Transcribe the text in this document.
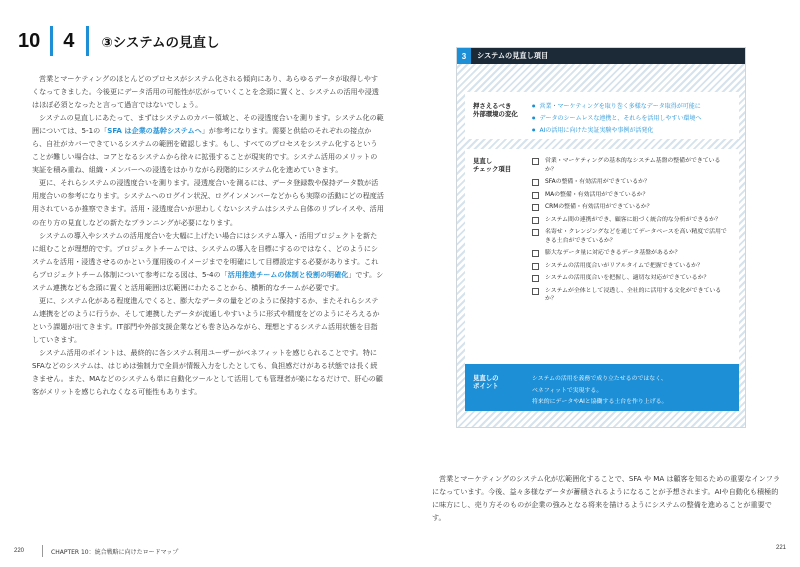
10 4 ③システムの見直し

営業とマーケティングのほとんどのプロセスがシステム化される傾向にあり、あらゆるデータが取得しやすくなってきました。今後更にデータ活用の可能性が広がっていくことを念頭に置くと、システムの活用や浸透はほぼ必須となったと言って過言ではないでしょう。

システムの見直しにあたって、まずはシステムのカバー領域と、その浸透度合いを測ります。システム化の範囲については、5-1の「SFA は企業の基幹システムへ」が参考になります。需要と供給のそれぞれの接点から、自社がカバーできているシステムの範囲を確認します。もし、すべてのプロセスをシステム化するということが難しい場合は、コアとなるシステムから徐々に拡張することが現実的です。システム活用のメリットの実証を積み重ね、組織・メンバーへの浸透をはかりながら段階的にシステム化を進めていきます。

更に、それらシステムの浸透度合いを測ります。浸透度合いを測るには、データ登録数や保持データ数が活用度合いの参考になります。システムへのログイン状況、ログインメンバーなどからも実際の活動にどの程度活用されているか推察できます。活用・浸透度合いが思わしくないシステムはシステム自体のリプレイスや、活用の在り方の見直しなどの新たなプランニングが必要になります。

システムの導入やシステムの活用度合いを大幅に上げたい場合にはシステム導入・活用プロジェクトを新たに組むことが理想的です。プロジェクトチームでは、システムの導入を目標にするのではなく、どのようにシステムを活用・浸透させるのかという運用後のイメージまでを明確にして目標設定する必要があります。これらプロジェクトチーム体制について参考になる図は、5-4の「活用推進チームの体制と役割の明確化」です。システム連携なども念頭に置くと活用範囲は広範囲にわたることから、横断的なチームが必要です。

更に、システム化がある程度進んでくると、膨大なデータの量をどのように保持するか、またそれらシステム連携をどのように行うか、そして連携したデータが流通しやすいように形式や精度をどのようにそろえるかという課題が出てきます。IT部門や外部支援企業なども巻き込みながら、理想とするシステム活用状態を目指していきます。

システム活用のポイントは、最終的に各システム利用ユーザーがベネフィットを感じられることです。特にSFAなどのシステムは、はじめは強制力で全員が情報入力をしたとしても、負担感だけがある状態では長く続きません。また、MAなどのシステムも単に自動化ツールとして活用しても管理者が楽になるだけで、肝心の顧客がメリットを感じられなくなる可能性もあります。

220	CHAPTER 10：統合戦略に向けたロードマップ
3	システムの見直し項目
押さえるべき
外部環境の変化
● 営業・マーケティングを取り巻く多様なデータ取得が可能に
● データのシームレスな連携と、それらを活用しやすい環境へ
● AIの活用に向けた実証実験や事例が活発化
見直し
チェック項目
営業・マーケティングの基本的なシステム基盤の整備ができているか？
SFAの整備・有効活用ができているか？
MAの整備・有効活用ができているか？
CRMの整備・有効活用ができているか？
システム間の連携ができ、顧客に紐づく統合的な分析ができるか？
名寄せ・クレンジングなどを通じてデータベースを高い精度で活用できる土台ができているか？
膨大なデータ量に対応できるデータ基盤があるか？
システムの活用度合いがリアルタイムで把握できているか？
システムの活用度合いを把握し、適切な対応ができているか？
システムが全体として浸透し、全社的に活用する文化ができているか？
見直しの
ポイント
システムの活用を義務で成り立たせるのではなく、
ベネフィットで実現する。
将来的にデータやAIと協働する土台を作り上げる。

営業とマーケティングのシステム化が広範囲化することで、SFA や MA は顧客を知るための重要なインフラになっています。今後、益々多様なデータが蓄積されるようになることが予想されます。AIや自動化も積極的に味方にし、売り方そのものが企業の強みとなる将来を描けるようにシステムの整備を進めることが重要です。

221
